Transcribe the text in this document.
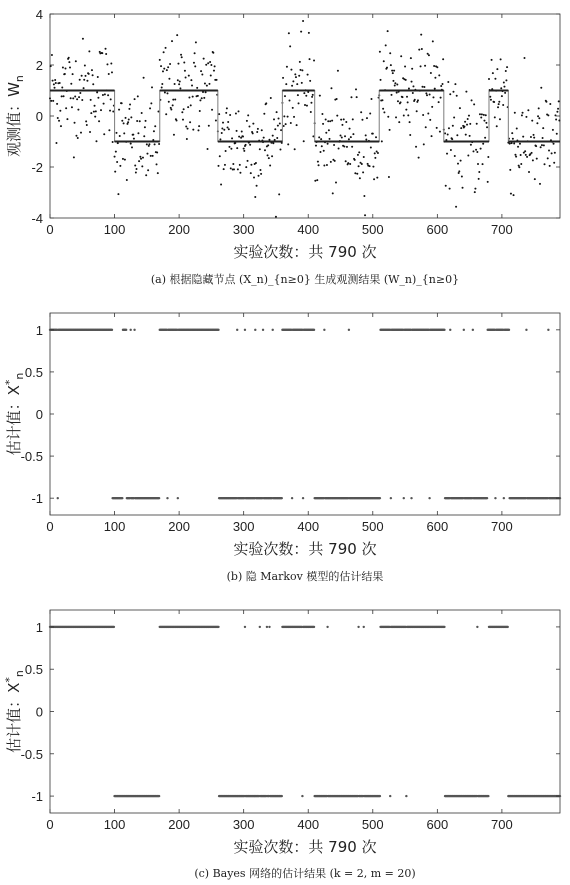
0	100	200	300	400	500	600	700
-4
-2
0
2
4
实验次数：共 790 次
观测值：$W_n$
(a) 根据隐藏节点 (X_n)_{n≥0} 生成观测结果 (W_n)_{n≥0}
0	100	200	300	400	500	600	700
-1
-0.5
0
0.5
1
实验次数：共 790 次
估计值：$X^*_n$
(b) 隐 Markov 模型的估计结果
0	100	200	300	400	500	600	700
-1
-0.5
0
0.5
1
实验次数：共 790 次
估计值：$X^*_n$
(c) Bayes 网络的估计结果 (k = 2, m = 20)
